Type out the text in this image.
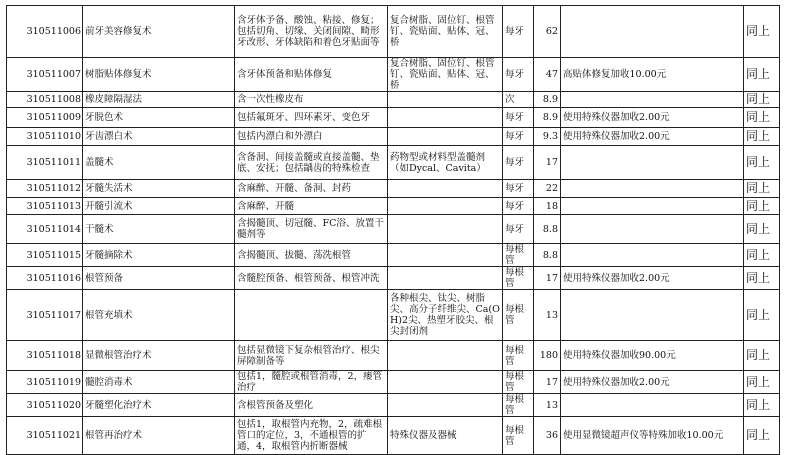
310511006	前牙美容修复术	含牙体予备、酸蚀、粘接、修复；包括切角、切缘、关闭间隙、畸形牙改形、牙体缺陷和着色牙贴面等	复合树脂、固位钉、根管钉、瓷贴面、贴体、冠、桥	每牙	62		同上
310511007	树脂贴体修复术	含牙体预备和贴体修复	复合树脂、固位钉、根管钉、瓷贴面、贴体、冠、桥	每牙	47	高贴体修复加收10.00元	同上
310511008	橡皮障隔湿法	含一次性橡皮布		次	8.9		同上
310511009	牙脱色术	包括氟斑牙、四环素牙、变色牙		每牙	8.9	使用特殊仪器加收2.00元	同上
310511010	牙齿漂白术	包括内漂白和外漂白		每牙	9.3	使用特殊仪器加收2.00元	同上
310511011	盖髓术	含备洞、间接盖髓或直接盖髓、垫底、安抚；包括龋齿的特殊检查	药物型或材料型盖髓剂（如Dycal、Cavita）	每牙	17		同上
310511012	牙髓失活术	含麻醉、开髓、备洞、封药		每牙	22		同上
310511013	开髓引流术	含麻醉、开髓		每牙	18		同上
310511014	干髓术	含揭髓顶、切冠髓、FC浴、放置干髓剂等		每牙	8.8		同上
310511015	牙髓摘除术	含揭髓顶、拔髓、荡洗根管		每根管	8.8		同上
310511016	根管预备	含髓腔预备、根管预备、根管冲洗		每根管	17	使用特殊仪器加收2.00元	同上
310511017	根管充填术		各种根尖、钛尖、树脂尖、高分子纤维尖、Ca(OH)2尖、热塑牙胶尖、根尖封闭剂	每根管	13		同上
310511018	显微根管治疗术	包括显微镜下复杂根管治疗、根尖屏障制备等		每根管	180	使用特殊仪器加收90.00元	同上
310511019	髓腔消毒术	包括1，髓腔或根管消毒，2，瘘管治疗		每根管	17	使用特殊仪器加收2.00元	同上
310511020	牙髓塑化治疗术	含根管预备及塑化		每根管	13		同上
310511021	根管再治疗术	包括1，取根管内充物，2，疏难根管口的定位，3，不通根管的扩通，4，取根管内折断器械	特殊仪器及器械	每根管	36	使用显微镜超声仪等特殊加收10.00元	同上
